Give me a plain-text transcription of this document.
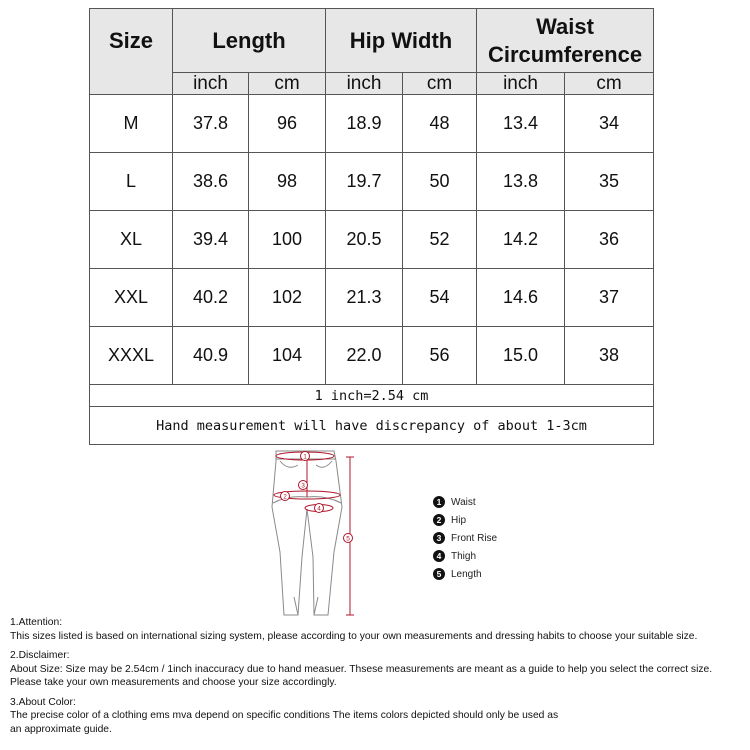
Size	Length		Hip Width		Waist
Circumference	

	inch	cm	inch	cm	inch	cm
M	37.8	96	18.9	48	13.4	34
L	38.6	98	19.7	50	13.8	35
XL	39.4	100	20.5	52	14.2	36
XXL	40.2	102	21.3	54	14.6	37
XXXL	40.9	104	22.0	56	15.0	38
1 inch=2.54 cm						
Hand measurement will have discrepancy of about 1-3cm						
1
2
3
4
5
1 Waist
2 Hip
3 Front Rise
4 Thigh
5 Length

1.Attention:

This sizes listed is based on international sizing system, please according to your own measurements and dressing habits to choose your suitable size.

2.Disclaimer:

About Size: Size may be 2.54cm / 1inch inaccuracy due to hand measuer. Thsese measurements are meant as a guide to help you select the correct size.
Please take your own measurements and choose your size accordingly.

3.About Color:

The precise color of a clothing ems mva depend on specific conditions The items colors depicted should only be used as
an approximate guide.
